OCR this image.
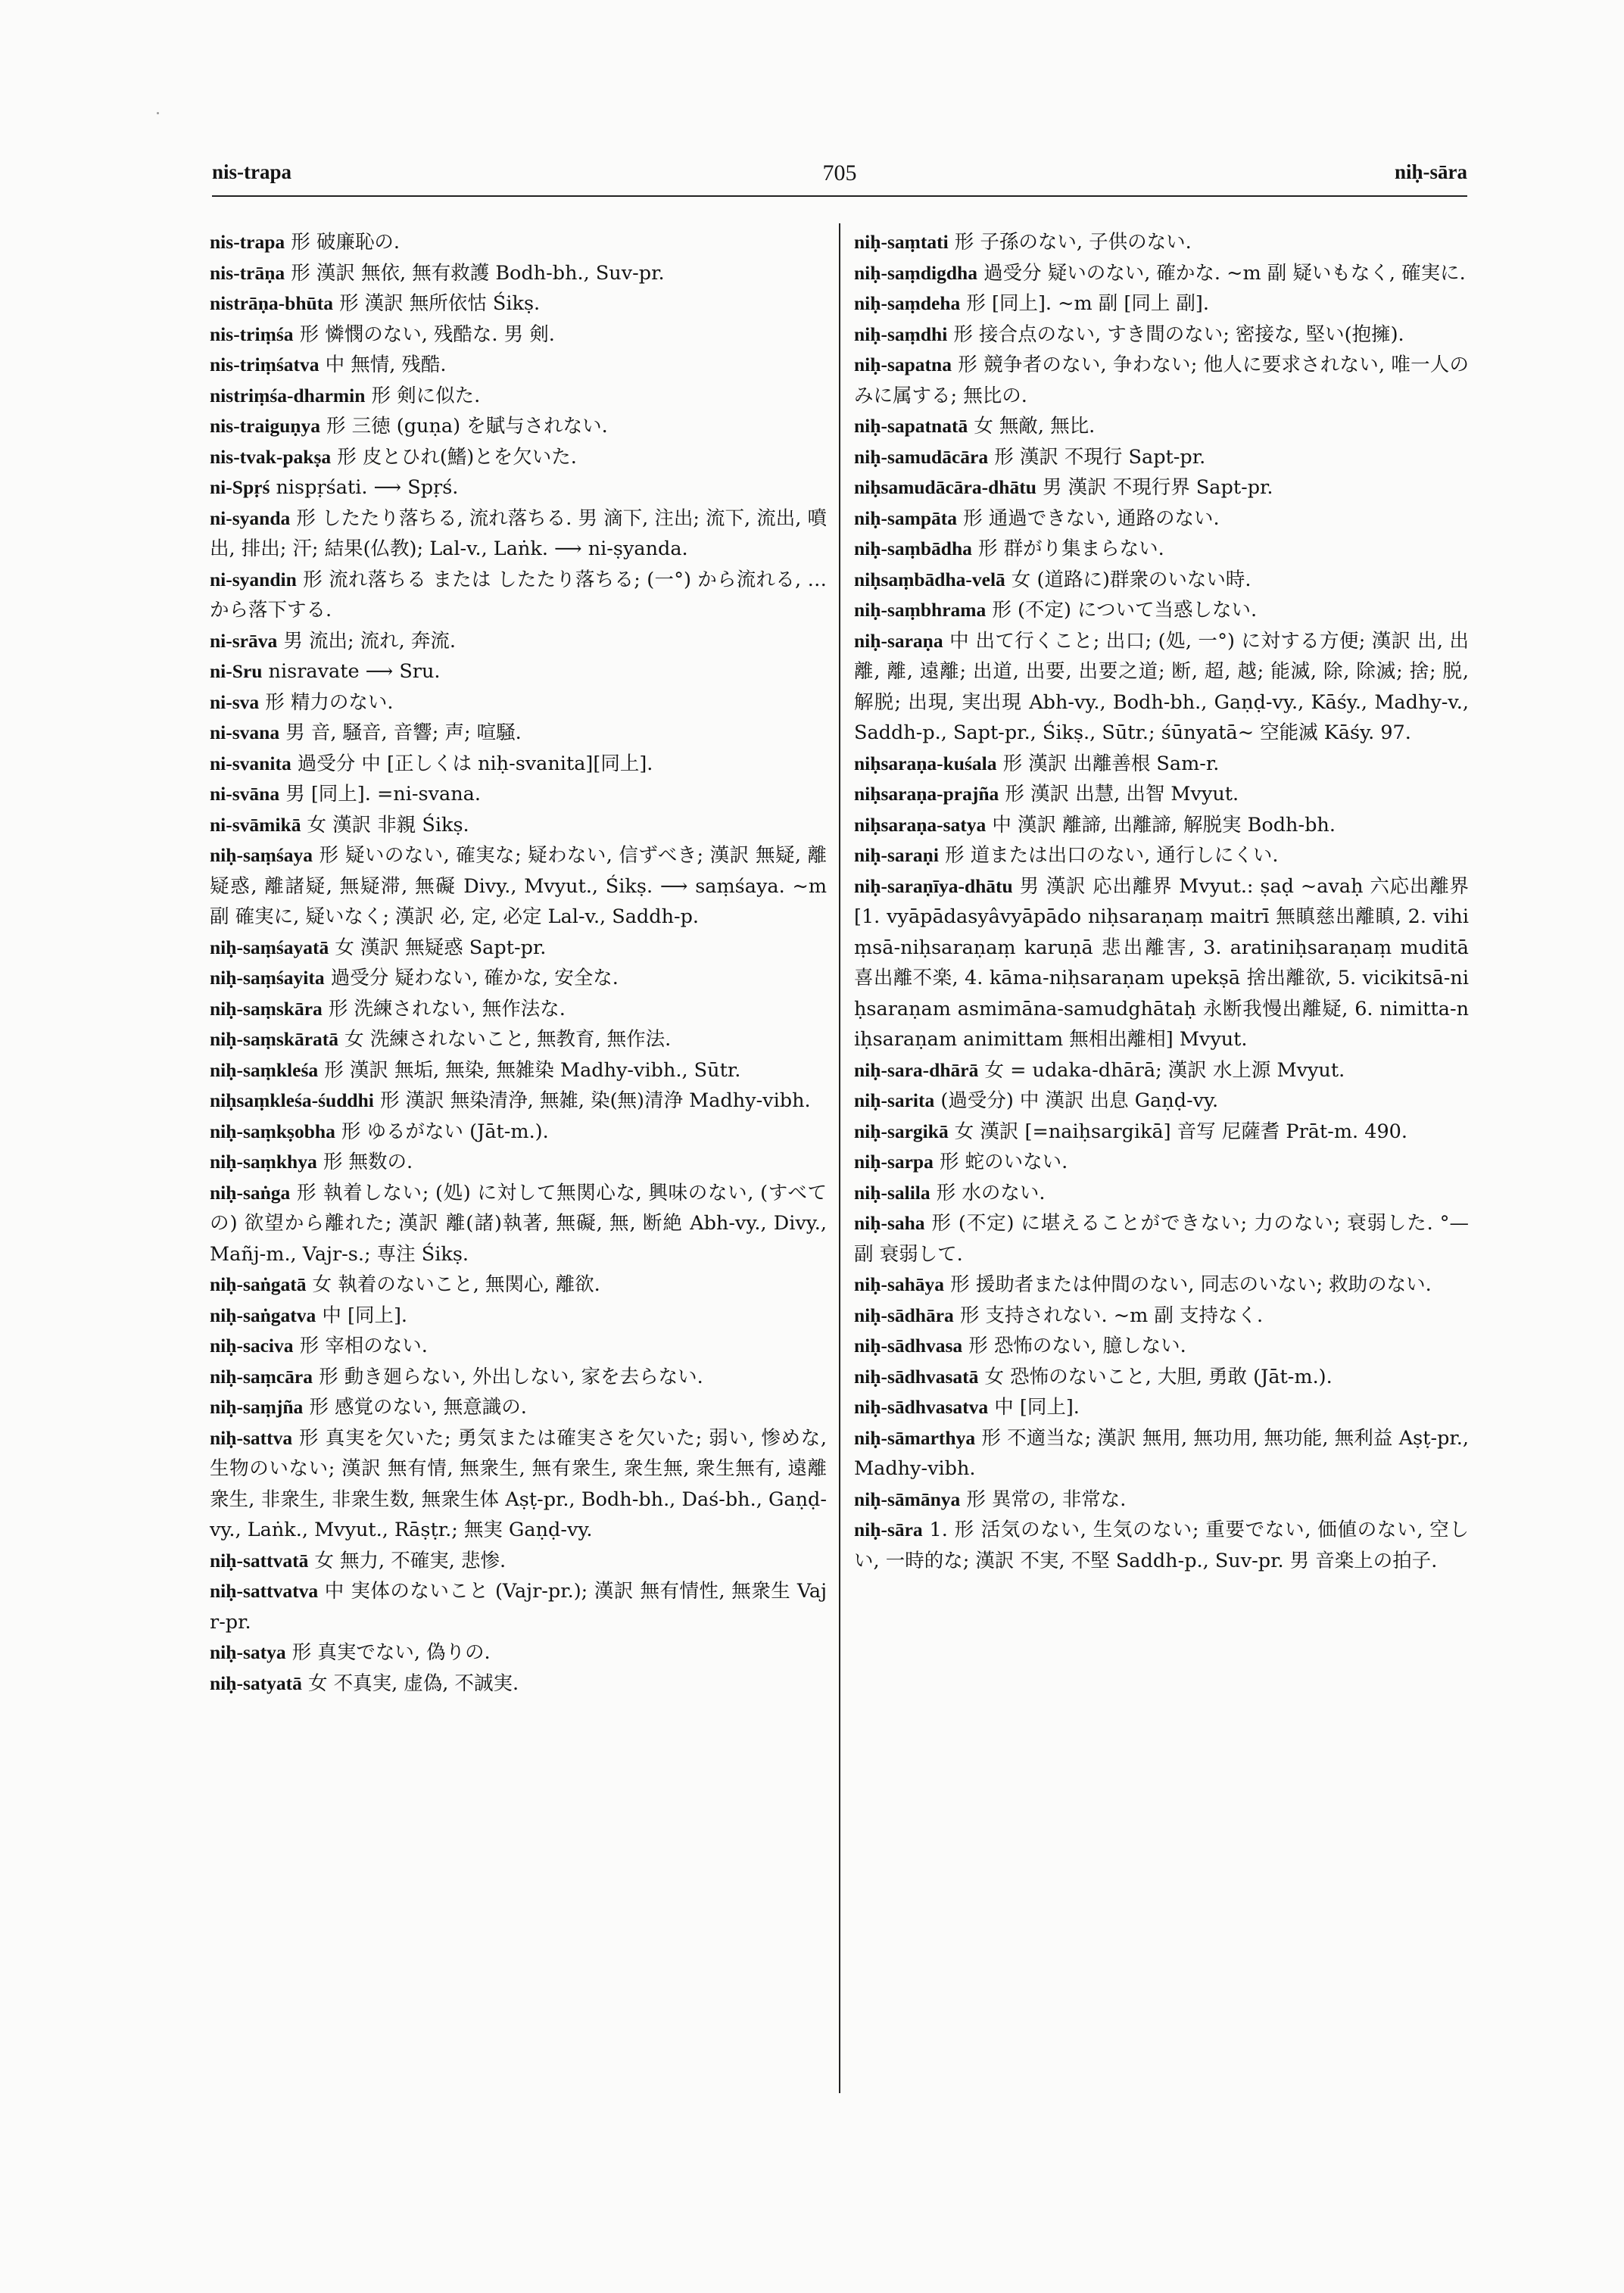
nis-trapa	705	niḥ-sāra

nis-trapa 形 破廉恥の.

nis-trāṇa 形 漢訳 無依, 無有救護 Bodh-bh., Suv-pr.

nistrāṇa-bhūta 形 漢訳 無所依怙 Śikṣ.

nis-triṃśa 形 憐憫のない, 残酷な. 男 剣.

nis-triṃśatva 中 無情, 残酷.

nistriṃśa-dharmin 形 剣に似た.

nis-traiguṇya 形 三徳 (guṇa) を賦与されない.

nis-tvak-pakṣa 形 皮とひれ(鰭)とを欠いた.

ni-Spṛś nispṛśati. ⟶ Spṛś.

ni-syanda 形 したたり落ちる, 流れ落ちる. 男 滴下, 注出; 流下, 流出, 噴出, 排出; 汗; 結果(仏教); Lal-v., Laṅk. ⟶ ni-ṣyanda.

ni-syandin 形 流れ落ちる または したたり落ちる; (一°) から流れる, …から落下する.

ni-srāva 男 流出; 流れ, 奔流.

ni-Sru nisravate ⟶ Sru.

ni-sva 形 精力のない.

ni-svana 男 音, 騒音, 音響; 声; 喧騒.

ni-svanita 過受分 中 [正しくは niḥ-svanita][同上].

ni-svāna 男 [同上]. =ni-svana.

ni-svāmikā 女 漢訳 非親 Śikṣ.

niḥ-saṃśaya 形 疑いのない, 確実な; 疑わない, 信ずべき; 漢訳 無疑, 離疑惑, 離諸疑, 無疑滞, 無礙 Divy., Mvyut., Śikṣ. ⟶ saṃśaya. ~m 副 確実に, 疑いなく; 漢訳 必, 定, 必定 Lal-v., Saddh-p.

niḥ-saṃśayatā 女 漢訳 無疑惑 Sapt-pr.

niḥ-saṃśayita 過受分 疑わない, 確かな, 安全な.

niḥ-saṃskāra 形 洗練されない, 無作法な.

niḥ-saṃskāratā 女 洗練されないこと, 無教育, 無作法.

niḥ-saṃkleśa 形 漢訳 無垢, 無染, 無雑染 Madhy-vibh., Sūtr.

niḥsaṃkleśa-śuddhi 形 漢訳 無染清浄, 無雑, 染(無)清浄 Madhy-vibh.

niḥ-saṃkṣobha 形 ゆるがない (Jāt-m.).

niḥ-saṃkhya 形 無数の.

niḥ-saṅga 形 執着しない; (処) に対して無関心な, 興味のない, (すべての) 欲望から離れた; 漢訳 離(諸)執著, 無礙, 無, 断絶 Abh-vy., Divy., Mañj-m., Vajr-s.; 専注 Śikṣ.

niḥ-saṅgatā 女 執着のないこと, 無関心, 離欲.

niḥ-saṅgatva 中 [同上].

niḥ-saciva 形 宰相のない.

niḥ-saṃcāra 形 動き廻らない, 外出しない, 家を去らない.

niḥ-saṃjña 形 感覚のない, 無意識の.

niḥ-sattva 形 真実を欠いた; 勇気または確実さを欠いた; 弱い, 惨めな, 生物のいない; 漢訳 無有情, 無衆生, 無有衆生, 衆生無, 衆生無有, 遠離衆生, 非衆生, 非衆生数, 無衆生体 Aṣṭ-pr., Bodh-bh., Daś-bh., Gaṇḍ-vy., Laṅk., Mvyut., Rāṣṭr.; 無実 Gaṇḍ-vy.

niḥ-sattvatā 女 無力, 不確実, 悲惨.

niḥ-sattvatva 中 実体のないこと (Vajr-pr.); 漢訳 無有情性, 無衆生 Vajr-pr.

niḥ-satya 形 真実でない, 偽りの.

niḥ-satyatā 女 不真実, 虚偽, 不誠実.

niḥ-saṃtati 形 子孫のない, 子供のない.

niḥ-saṃdigdha 過受分 疑いのない, 確かな. ~m 副 疑いもなく, 確実に.

niḥ-saṃdeha 形 [同上]. ~m 副 [同上 副].

niḥ-saṃdhi 形 接合点のない, すき間のない; 密接な, 堅い(抱擁).

niḥ-sapatna 形 競争者のない, 争わない; 他人に要求されない, 唯一人のみに属する; 無比の.

niḥ-sapatnatā 女 無敵, 無比.

niḥ-samudācāra 形 漢訳 不現行 Sapt-pr.

niḥsamudācāra-dhātu 男 漢訳 不現行界 Sapt-pr.

niḥ-sampāta 形 通過できない, 通路のない.

niḥ-saṃbādha 形 群がり集まらない.

niḥsaṃbādha-velā 女 (道路に)群衆のいない時.

niḥ-saṃbhrama 形 (不定) について当惑しない.

niḥ-saraṇa 中 出て行くこと; 出口; (処, 一°) に対する方便; 漢訳 出, 出離, 離, 遠離; 出道, 出要, 出要之道; 断, 超, 越; 能滅, 除, 除滅; 捨; 脱, 解脱; 出現, 実出現 Abh-vy., Bodh-bh., Gaṇḍ-vy., Kāśy., Madhy-v., Saddh-p., Sapt-pr., Śikṣ., Sūtr.; śūnyatā~ 空能滅 Kāśy. 97.

niḥsaraṇa-kuśala 形 漢訳 出離善根 Sam-r.

niḥsaraṇa-prajña 形 漢訳 出慧, 出智 Mvyut.

niḥsaraṇa-satya 中 漢訳 離諦, 出離諦, 解脱実 Bodh-bh.

niḥ-saraṇi 形 道または出口のない, 通行しにくい.

niḥ-saraṇīya-dhātu 男 漢訳 応出離界 Mvyut.: ṣaḍ ~avaḥ 六応出離界 [1. vyāpādasyâvyāpādo niḥsaraṇaṃ maitrī 無瞋慈出離瞋, 2. vihiṃsā-niḥsaraṇaṃ karuṇā 悲出離害, 3. aratiniḥsaraṇaṃ muditā 喜出離不楽, 4. kāma-niḥsaraṇam upekṣā 捨出離欲, 5. vicikitsā-niḥsaraṇam asmimāna-samudghātaḥ 永断我慢出離疑, 6. nimitta-niḥsaraṇam animittam 無相出離相] Mvyut.

niḥ-sara-dhārā 女 = udaka-dhārā; 漢訳 水上源 Mvyut.

niḥ-sarita (過受分) 中 漢訳 出息 Gaṇḍ-vy.

niḥ-sargikā 女 漢訳 [=naiḥsargikā] 音写 尼薩耆 Prāt-m. 490.

niḥ-sarpa 形 蛇のいない.

niḥ-salila 形 水のない.

niḥ-saha 形 (不定) に堪えることができない; 力のない; 衰弱した. °— 副 衰弱して.

niḥ-sahāya 形 援助者または仲間のない, 同志のいない; 救助のない.

niḥ-sādhāra 形 支持されない. ~m 副 支持なく.

niḥ-sādhvasa 形 恐怖のない, 臆しない.

niḥ-sādhvasatā 女 恐怖のないこと, 大胆, 勇敢 (Jāt-m.).

niḥ-sādhvasatva 中 [同上].

niḥ-sāmarthya 形 不適当な; 漢訳 無用, 無功用, 無功能, 無利益 Aṣṭ-pr., Madhy-vibh.

niḥ-sāmānya 形 異常の, 非常な.

niḥ-sāra 1. 形 活気のない, 生気のない; 重要でない, 価値のない, 空しい, 一時的な; 漢訳 不実, 不堅 Saddh-p., Suv-pr. 男 音楽上の拍子.
